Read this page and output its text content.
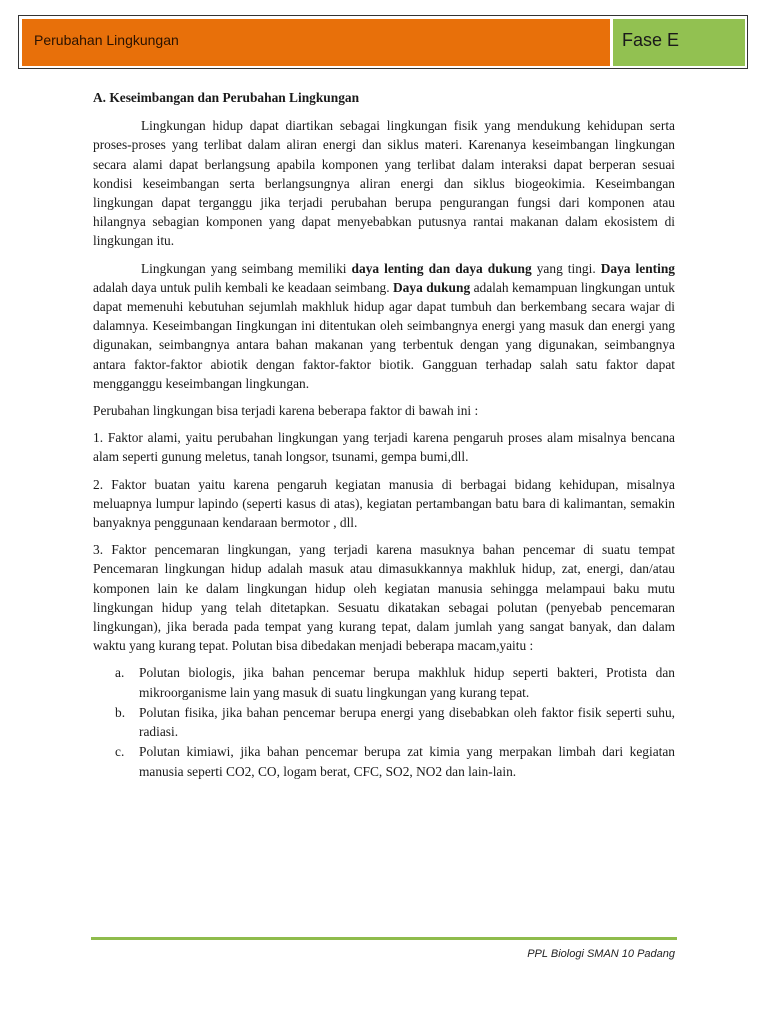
Perubahan Lingkungan	Fase E

A. Keseimbangan dan Perubahan Lingkungan

Lingkungan hidup dapat diartikan sebagai lingkungan fisik yang mendukung kehidupan serta proses-proses yang terlibat dalam aliran energi dan siklus materi. Karenanya keseimbangan lingkungan secara alami dapat berlangsung apabila komponen yang terlibat dalam interaksi dapat berperan sesuai kondisi keseimbangan serta berlangsungnya aliran energi dan siklus biogeokimia. Keseimbangan lingkungan dapat terganggu jika terjadi perubahan berupa pengurangan fungsi dari komponen atau hilangnya sebagian komponen yang dapat menyebabkan putusnya rantai makanan dalam ekosistem di lingkungan itu.

Lingkungan yang seimbang memiliki daya lenting dan daya dukung yang tingi. Daya lenting adalah daya untuk pulih kembali ke keadaan seimbang. Daya dukung adalah kemampuan lingkungan untuk dapat memenuhi kebutuhan sejumlah makhluk hidup agar dapat tumbuh dan berkembang secara wajar di dalamnya. Keseimbangan Iingkungan ini ditentukan oleh seimbangnya energi yang masuk dan energi yang digunakan, seimbangnya antara bahan makanan yang terbentuk dengan yang digunakan, seimbangnya antara faktor-faktor abiotik dengan faktor-faktor biotik. Gangguan terhadap salah satu faktor dapat mengganggu keseimbangan lingkungan.

Perubahan lingkungan bisa terjadi karena beberapa faktor di bawah ini :

1. Faktor alami, yaitu perubahan lingkungan yang terjadi karena pengaruh proses alam misalnya bencana alam seperti gunung meletus, tanah longsor, tsunami, gempa bumi,dll.

2. Faktor buatan yaitu karena pengaruh kegiatan manusia di berbagai bidang kehidupan, misalnya meluapnya lumpur lapindo (seperti kasus di atas), kegiatan pertambangan batu bara di kalimantan, semakin banyaknya penggunaan kendaraan bermotor , dll.

3. Faktor pencemaran lingkungan, yang terjadi karena masuknya bahan pencemar di suatu tempat Pencemaran lingkungan hidup adalah masuk atau dimasukkannya makhluk hidup, zat, energi, dan/atau komponen lain ke dalam lingkungan hidup oleh kegiatan manusia sehingga melampaui baku mutu lingkungan hidup yang telah ditetapkan. Sesuatu dikatakan sebagai polutan (penyebab pencemaran lingkungan), jika berada pada tempat yang kurang tepat, dalam jumlah yang sangat banyak, dan dalam waktu yang kurang tepat. Polutan bisa dibedakan menjadi beberapa macam,yaitu :

a. Polutan biologis, jika bahan pencemar berupa makhluk hidup seperti bakteri, Protista dan mikroorganisme lain yang masuk di suatu lingkungan yang kurang tepat.
b. Polutan fisika, jika bahan pencemar berupa energi yang disebabkan oleh faktor fisik seperti suhu, radiasi.
c. Polutan kimiawi, jika bahan pencemar berupa zat kimia yang merpakan limbah dari kegiatan manusia seperti CO2, CO, logam berat, CFC, SO2, NO2 dan lain-lain.
PPL Biologi SMAN 10 Padang
